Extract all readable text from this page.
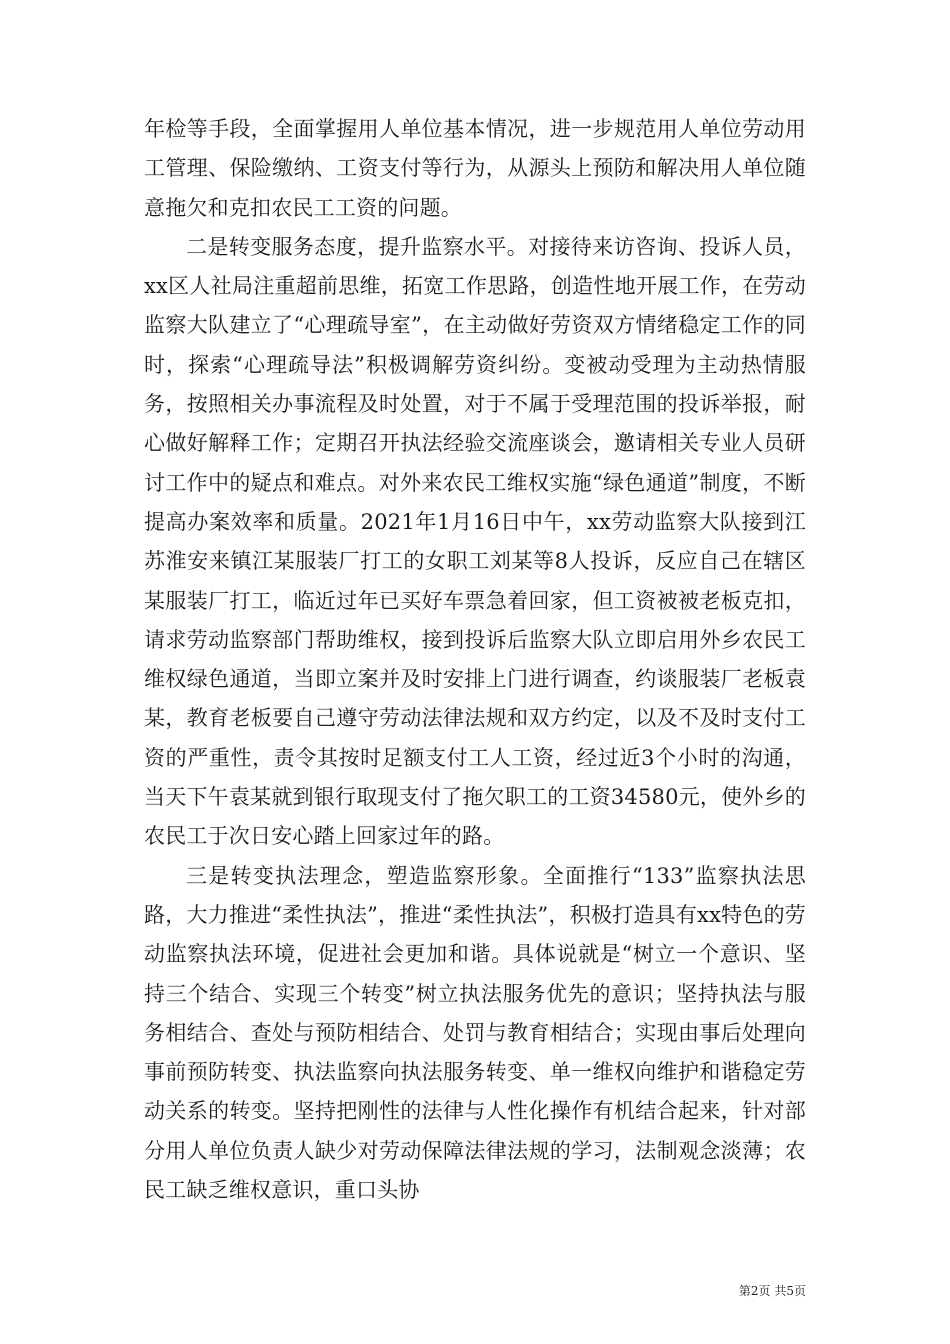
年检等手段，全面掌握用人单位基本情况，进一步规范用人单位劳动用工管理、保险缴纳、工资支付等行为，从源头上预防和解决用人单位随意拖欠和克扣农民工工资的问题。

二是转变服务态度，提升监察水平。对接待来访咨询、投诉人员，xx区人社局注重超前思维，拓宽工作思路，创造性地开展工作，在劳动监察大队建立了“心理疏导室”，在主动做好劳资双方情绪稳定工作的同时，探索“心理疏导法”积极调解劳资纠纷。变被动受理为主动热情服务，按照相关办事流程及时处置，对于不属于受理范围的投诉举报，耐心做好解释工作；定期召开执法经验交流座谈会，邀请相关专业人员研讨工作中的疑点和难点。对外来农民工维权实施“绿色通道”制度，不断提高办案效率和质量。2021年1月16日中午，xx劳动监察大队接到江苏淮安来镇江某服装厂打工的女职工刘某等8人投诉，反应自己在辖区某服装厂打工，临近过年已买好车票急着回家，但工资被被老板克扣，请求劳动监察部门帮助维权，接到投诉后监察大队立即启用外乡农民工维权绿色通道，当即立案并及时安排上门进行调查，约谈服装厂老板袁某，教育老板要自己遵守劳动法律法规和双方约定，以及不及时支付工资的严重性，责令其按时足额支付工人工资，经过近3个小时的沟通，当天下午袁某就到银行取现支付了拖欠职工的工资34580元，使外乡的农民工于次日安心踏上回家过年的路。

三是转变执法理念，塑造监察形象。全面推行“133”监察执法思路，大力推进“柔性执法”，推进“柔性执法”，积极打造具有xx特色的劳动监察执法环境，促进社会更加和谐。具体说就是“树立一个意识、坚持三个结合、实现三个转变”树立执法服务优先的意识；坚持执法与服务相结合、查处与预防相结合、处罚与教育相结合；实现由事后处理向事前预防转变、执法监察向执法服务转变、单一维权向维护和谐稳定劳动关系的转变。坚持把刚性的法律与人性化操作有机结合起来，针对部分用人单位负责人缺少对劳动保障法律法规的学习，法制观念淡薄；农民工缺乏维权意识，重口头协

第2页 共5页
